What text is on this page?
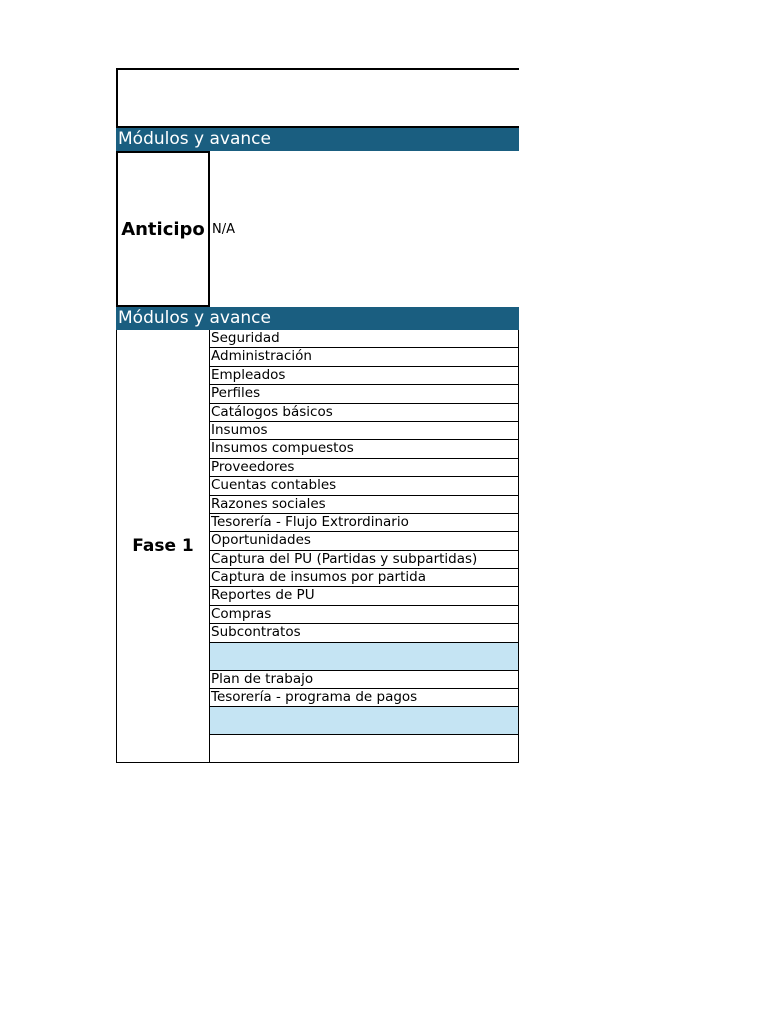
Módulos y avance
Anticipo N/A
Módulos y avance
Fase 1
Seguridad
Administración
Empleados
Perfiles
Catálogos básicos
Insumos
Insumos compuestos
Proveedores
Cuentas contables
Razones sociales
Tesorería - Flujo Extrordinario
Oportunidades
Captura del PU (Partidas y subpartidas)
Captura de insumos por partida
Reportes de PU
Compras
Subcontratos
Plan de trabajo
Tesorería - programa de pagos
